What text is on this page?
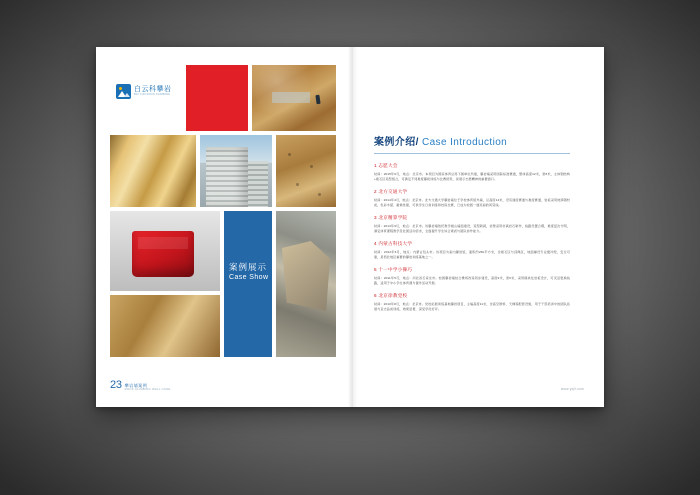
白云科攀岩
BAI YUN ROCK CLIMBING
案例展示
Case Show
23 攀岩墙案例
ROCK CLIMBING WALL CASE
案例介绍/ Case Introduction
1 志愿大会
时间：2015年9月，地点：北京市。本项目为国家体育总局下属单位所建，攀岩墙采用国际标准赛道，整体高度12米，宽8米，主体钢结构+抱石区造型组合，可满足不同难度攀爬训练与比赛使用，是展示志愿精神的重要窗口。
2 北方交通大学
时间：2014年4月，地点：北京市。北方交通大学攀岩墙位于学校体育馆外墙，总高度14米，设有速度赛道与难度赛道，岩板采用玻璃钢材质，色彩丰富、耐候性强，可供学生日常训练和校际比赛，已成为校园一道亮丽的风景线。
3 北京精算学院
时间：2013年9月，地点：北京市。该攀岩墙依托教学楼山墙面建设，造型新颖，岩壁采用仿真岩石制作，线路设置合理，难度层次分明，满足体育课程教学及社团活动需求，全面提升学生综合素质与团队协作能力。
4 内蒙古科技大学
时间：2012年6月，地点：内蒙古包头市。该项目为室内攀岩馆，面积约260平方米，含抱石区与顶绳区，地面铺设专业缓冲垫，安全可靠，是西北地区重要的攀岩训练基地之一。
5 十一中学小操巧
时间：2011年5月，地点：河北省石家庄市。校园攀岩墙结合操场改造同步建设，高度9米，宽6米，采用模块化岩板设计，可灵活更换线路，适用于中小学生体育课与课外活动开展。
6 北京徐教党校
时间：2010年8月，地点：北京市。党校拓展训练基地攀岩项目，主墙高度11米，含高空断桥、天梯等配套设施，用于干部培训中的团队拓展与意志品质训练，效果显著，深受学员好评。
www.yqfl.com
